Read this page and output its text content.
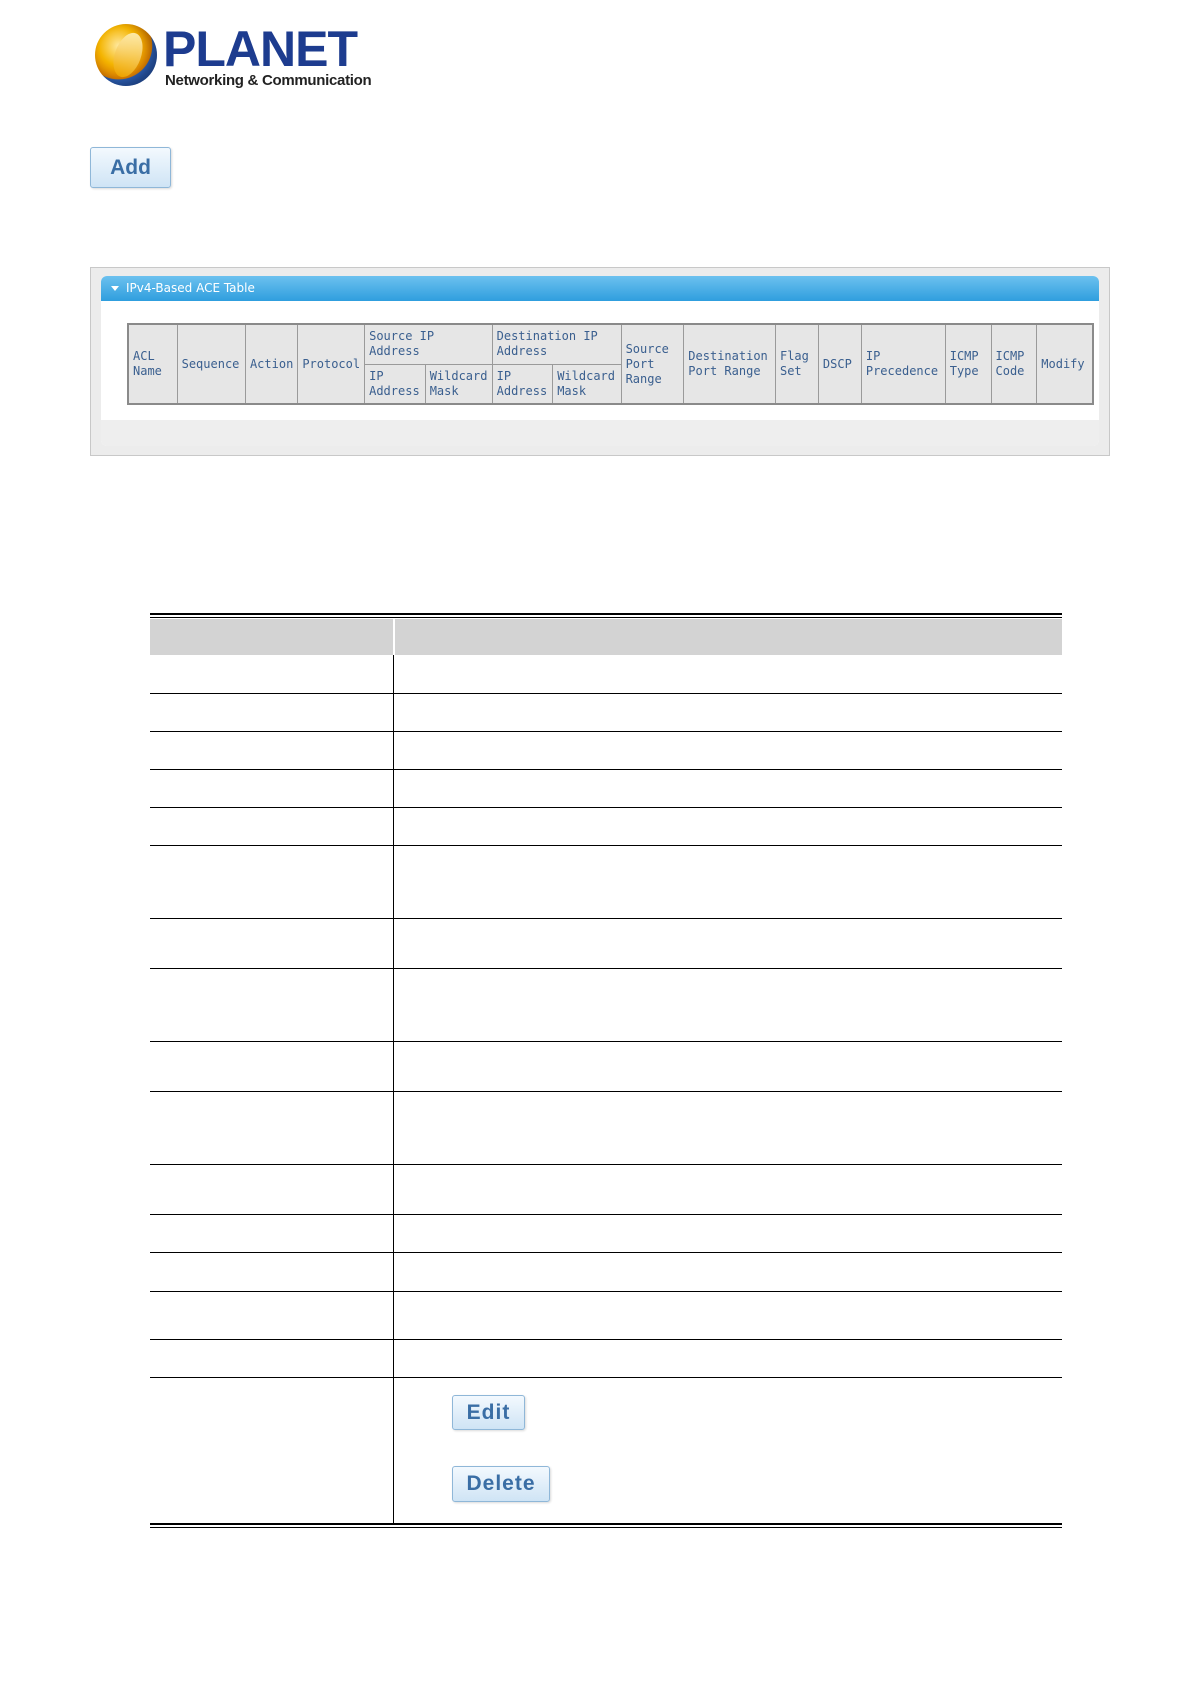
PLANET
Networking & Communication
Add
IPv4-Based ACE Table
ACL Name	Sequence	Action	Protocol	Source IP Address		Destination IP Address		Source Port Range	Destination Port Range	Flag Set	DSCP	IP Precedence	ICMP Type	ICMP Code	Modify
				IP Address	Wildcard Mask	IP Address	Wildcard Mask								
Edit
Delete
